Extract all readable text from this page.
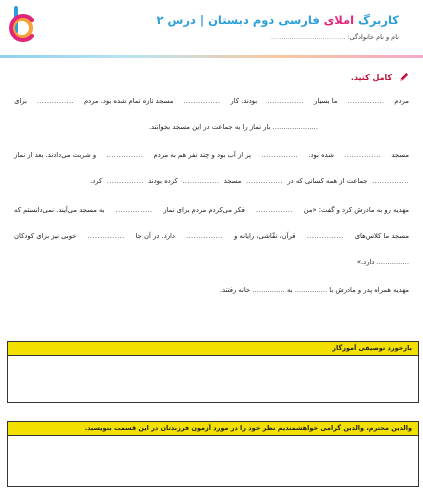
کاربرگ املای فارسی دوم دبستان | درس ۲
نام و نام خانوادگی: ....................................
کامل کنید.
مردم
...............
ما بسیار
...............
بودند. کار
...............
مسجد تازه تمام شده بود. مردم
...............
برای
..................... بار نماز را به جماعت در این مسجد بخوانند.
مسجد
...............
شده بود.
...............
پر از آب بود و چند نفر هم به مردم
...............
و شربت می‌دادند. بعد از نماز
...............
جماعت از همه کسانی که در
...............
مسجد
...............
کرده بودند
...............
کرد.
مهدیه رو به مادرش کرد و گفت: «من
...............
فکر می‌کردم مردم برای نماز
...............
به مسجد می‌آیند. نمی‌دانستم که
مسجد ما کلاس‌های
...............
قرآن، نقّاشی، رایانه و
...............
دارد. در آن جا
...............
خوبی نیز برای کودکان
............... دارد.»
مهدیه همراه پدر و مادرش با ............... به ............... خانه رفتند.
بازخورد توصیفی آموزگار
والدین محترم، والدین گرامی خواهشمندیم نظر خود را در مورد آزمون فرزندتان در این قسمت بنویسید.
